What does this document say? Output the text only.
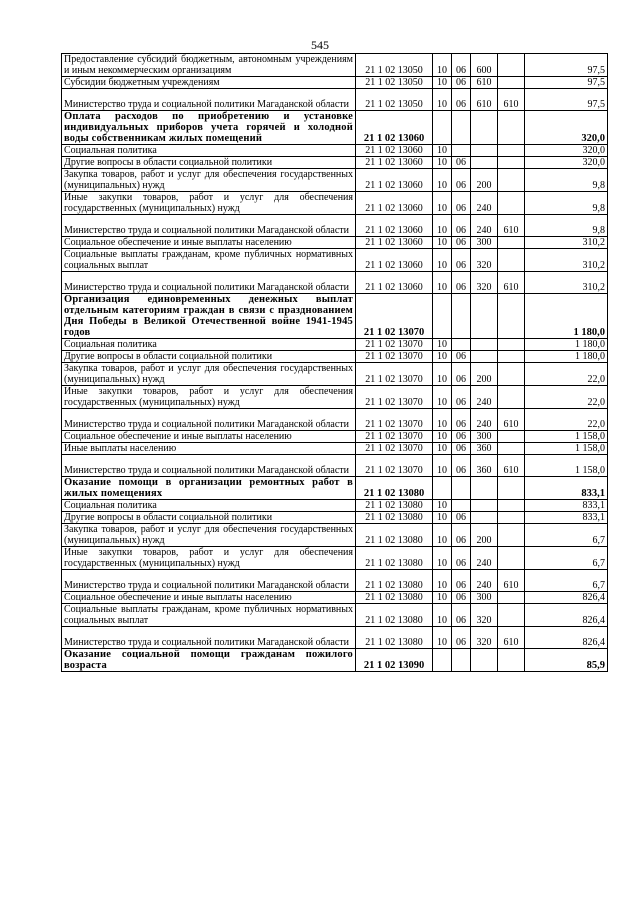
545
Предоставление субсидий бюджетным, автономным учреждениям и иным некоммерческим организациям	21 1 02 13050	10	06	600		97,5
Субсидии бюджетным учреждениям	21 1 02 13050	10	06	610		97,5
Министерство труда и социальной политики Магаданской области	21 1 02 13050	10	06	610	610	97,5
Оплата расходов по приобретению и установке индивидуальных приборов учета горячей и холодной воды собственникам жилых помещений	21 1 02 13060					320,0
Социальная политика	21 1 02 13060	10				320,0
Другие вопросы в области социальной политики	21 1 02 13060	10	06			320,0
Закупка товаров, работ и услуг для обеспечения государственных (муниципальных) нужд	21 1 02 13060	10	06	200		9,8
Иные закупки товаров, работ и услуг для обеспечения государственных (муниципальных) нужд	21 1 02 13060	10	06	240		9,8
Министерство труда и социальной политики Магаданской области	21 1 02 13060	10	06	240	610	9,8
Социальное обеспечение и иные выплаты населению	21 1 02 13060	10	06	300		310,2
Социальные выплаты гражданам, кроме публичных нормативных социальных выплат	21 1 02 13060	10	06	320		310,2
Министерство труда и социальной политики Магаданской области	21 1 02 13060	10	06	320	610	310,2
Организация единовременных денежных выплат отдельным категориям граждан в связи с празднованием Дня Победы в Великой Отечественной войне 1941-1945 годов	21 1 02 13070					1 180,0
Социальная политика	21 1 02 13070	10				1 180,0
Другие вопросы в области социальной политики	21 1 02 13070	10	06			1 180,0
Закупка товаров, работ и услуг для обеспечения государственных (муниципальных) нужд	21 1 02 13070	10	06	200		22,0
Иные закупки товаров, работ и услуг для обеспечения государственных (муниципальных) нужд	21 1 02 13070	10	06	240		22,0
Министерство труда и социальной политики Магаданской области	21 1 02 13070	10	06	240	610	22,0
Социальное обеспечение и иные выплаты населению	21 1 02 13070	10	06	300		1 158,0
Иные выплаты населению	21 1 02 13070	10	06	360		1 158,0
Министерство труда и социальной политики Магаданской области	21 1 02 13070	10	06	360	610	1 158,0
Оказание помощи в организации ремонтных работ в жилых помещениях	21 1 02 13080					833,1
Социальная политика	21 1 02 13080	10				833,1
Другие вопросы в области социальной политики	21 1 02 13080	10	06			833,1
Закупка товаров, работ и услуг для обеспечения государственных (муниципальных) нужд	21 1 02 13080	10	06	200		6,7
Иные закупки товаров, работ и услуг для обеспечения государственных (муниципальных) нужд	21 1 02 13080	10	06	240		6,7
Министерство труда и социальной политики Магаданской области	21 1 02 13080	10	06	240	610	6,7
Социальное обеспечение и иные выплаты населению	21 1 02 13080	10	06	300		826,4
Социальные выплаты гражданам, кроме публичных нормативных социальных выплат	21 1 02 13080	10	06	320		826,4
Министерство труда и социальной политики Магаданской области	21 1 02 13080	10	06	320	610	826,4
Оказание социальной помощи гражданам пожилого возраста	21 1 02 13090					85,9
